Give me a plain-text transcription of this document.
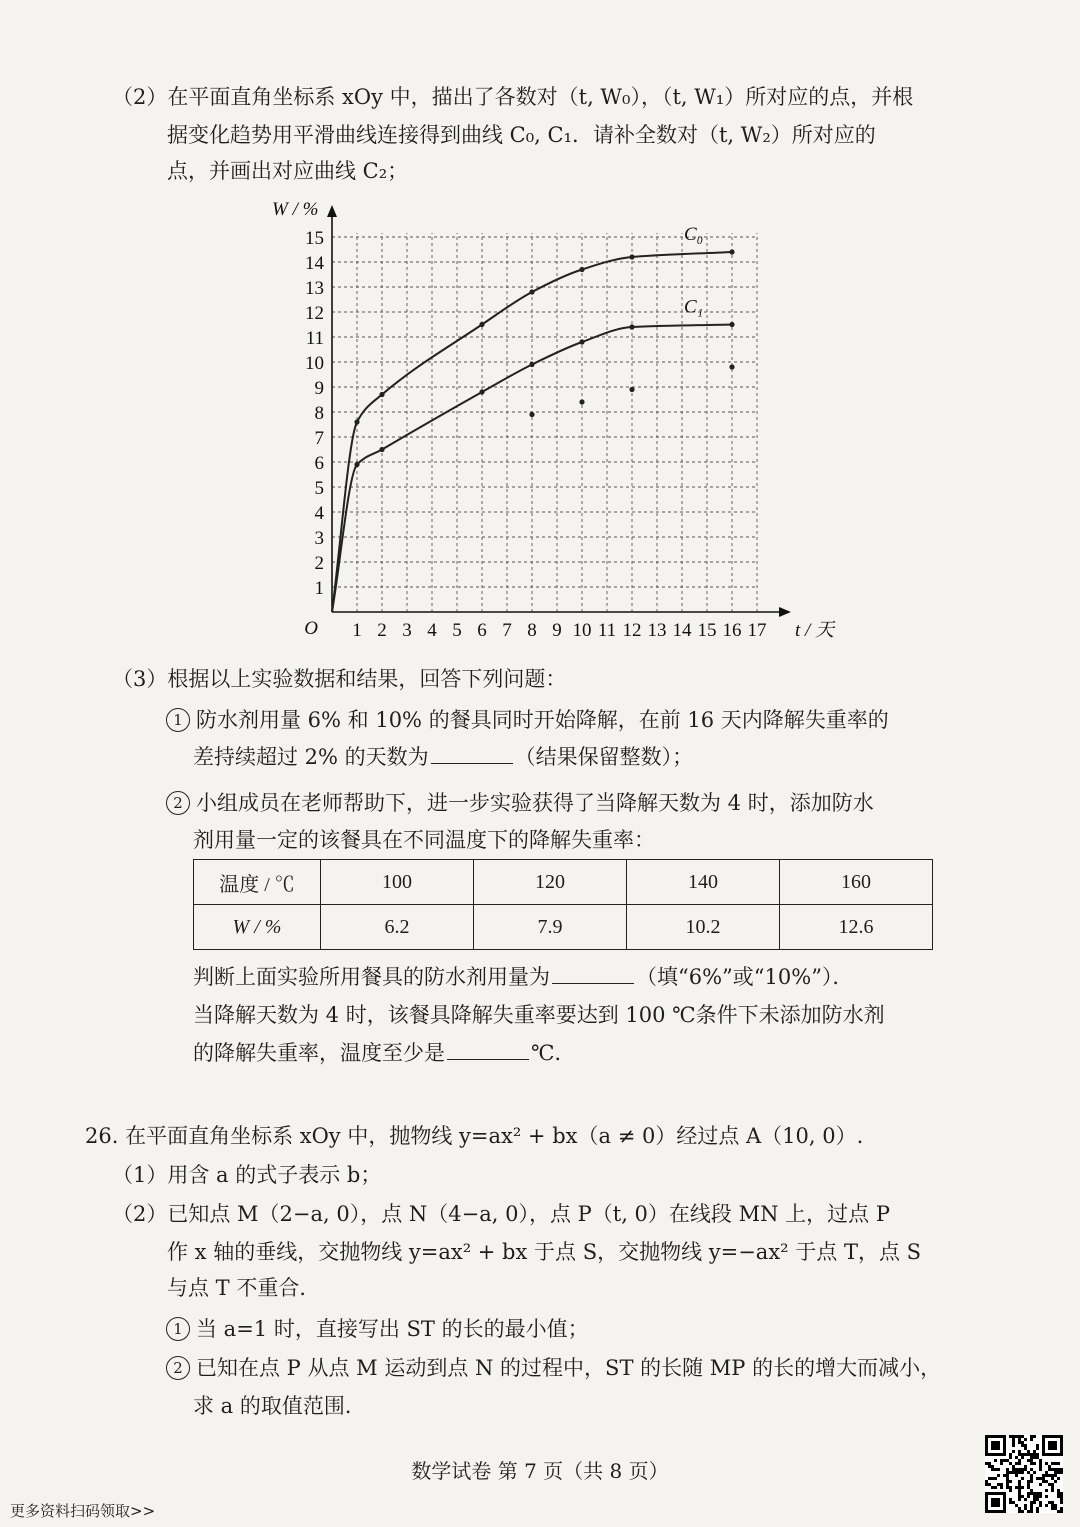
（2）在平面直角坐标系 xOy 中，描出了各数对（t, W₀），（t, W₁）所对应的点，并根
据变化趋势用平滑曲线连接得到曲线 C₀, C₁．请补全数对（t, W₂）所对应的
点，并画出对应曲线 C₂；
1 2 3 4 5 6 7 8 9 10 11 12 13 14 15 16 17
1
2
3
4
5
6
7
8
9
10
11
12
13
14
15
O	t / 天
W / %
C₀
C₁
（3）根据以上实验数据和结果，回答下列问题：
1 防水剂用量 6% 和 10% 的餐具同时开始降解，在前 16 天内降解失重率的
差持续超过 2% 的天数为	（结果保留整数）；
2 小组成员在老师帮助下，进一步实验获得了当降解天数为 4 时，添加防水
剂用量一定的该餐具在不同温度下的降解失重率：
温度 / ℃	100	120	140	160
W / %	6.2	7.9	10.2	12.6
判断上面实验所用餐具的防水剂用量为	（填“6%”或“10%”）．
当降解天数为 4 时，该餐具降解失重率要达到 100 ℃条件下未添加防水剂
的降解失重率，温度至少是	℃．
26. 在平面直角坐标系 xOy 中，抛物线 y=ax² + bx（a ≠ 0）经过点 A（10, 0）.
（1）用含 a 的式子表示 b；
（2）已知点 M（2−a, 0），点 N（4−a, 0），点 P（t, 0）在线段 MN 上，过点 P
作 x 轴的垂线，交抛物线 y=ax² + bx 于点 S，交抛物线 y=−ax² 于点 T，点 S
与点 T 不重合．
1 当 a=1 时，直接写出 ST 的长的最小值；
2 已知在点 P 从点 M 运动到点 N 的过程中，ST 的长随 MP 的长的增大而减小，
求 a 的取值范围．
数学试卷 第 7 页（共 8 页）
更多资料扫码领取>>
